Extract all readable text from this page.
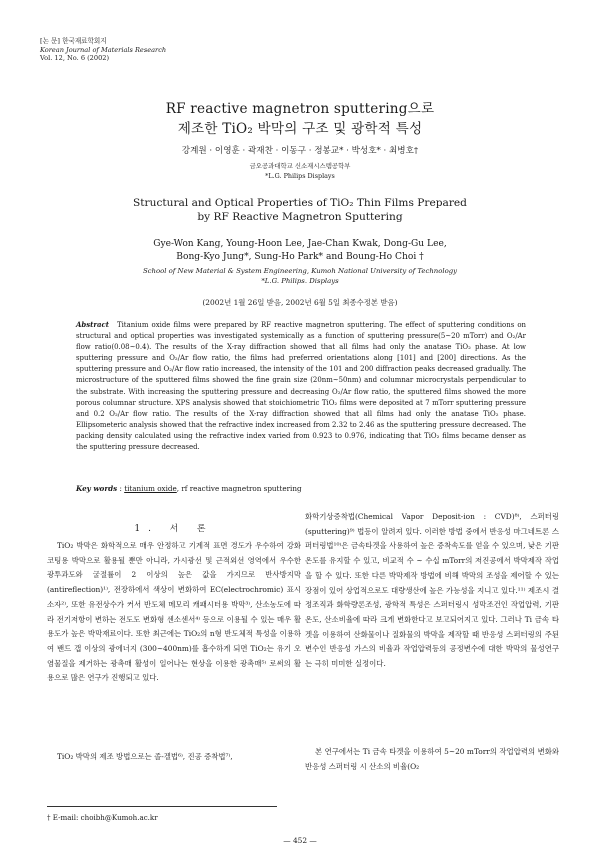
[논 문] 한국재료학회지
Korean Journal of Materials Research
Vol. 12, No. 6 (2002)
RF reactive magnetron sputtering으로
제조한 TiO₂ 박막의 구조 및 광학적 특성
강계원 · 이영훈 · 곽재찬 · 이동구 · 정봉교* · 박성호* · 최병호†
금오공과대학교 신소재시스템공학부
*L.G. Philips Displays
Structural and Optical Properties of TiO₂ Thin Films Prepared
by RF Reactive Magnetron Sputtering
Gye-Won Kang, Young-Hoon Lee, Jae-Chan Kwak, Dong-Gu Lee,
Bong-Kyo Jung*, Sung-Ho Park* and Boung-Ho Choi †
School of New Material & System Engineering, Kumoh National University of Technology
*L.G. Philips. Displays
(2002년 1월 26일 받음, 2002년 6월 5일 최종수정본 받음)
Abstract Titanium oxide films were prepared by RF reactive magnetron sputtering. The effect of sputtering conditions on structural and optical properties was investigated systemically as a function of sputtering pressure(5~20 mTorr) and O₂/Ar flow ratio(0.08~0.4). The results of the X-ray diffraction showed that all films had only the anatase TiO₂ phase. At low sputtering pressure and O₂/Ar flow ratio, the films had preferred orientations along [101] and [200] directions. As the sputtering pressure and O₂/Ar flow ratio increased, the intensity of the 101 and 200 diffraction peaks decreased gradually. The microstructure of the sputtered films showed the fine grain size (20nm~50nm) and columnar microcrystals perpendicular to the substrate. With increasing the sputtering pressure and decreasing O₂/Ar flow ratio, the sputtered films showed the more porous columnar structure. XPS analysis showed that stoichiometric TiO₂ films were deposited at 7 mTorr sputtering pressure and 0.2 O₂/Ar flow ratio. The results of the X-ray diffraction showed that all films had only the anatase TiO₂ phase. Ellipsometeric analysis showed that the refractive index increased from 2.32 to 2.46 as the sputtering pressure decreased. The packing density calculated using the refractive index varied from 0.923 to 0.976, indicating that TiO₂ films became denser as the sputtering pressure decreased.
Key words : titanium oxide, rf reactive magnetron sputtering
1. 서 론
TiO₂ 박막은 화학적으로 매우 안정하고 기계적 표면 경도가 우수하여 강화 코팅용 박막으로 활용될 뿐만 아니라, 가시광선 및 근적외선 영역에서 우수한 광투과도와 굴절률이 2 이상의 높은 값을 가지므로 반사방지막 (antireflection)¹⁾, 전장하에서 색상이 변화하여 EC(electrochromic) 표시소자²⁾, 또한 유전상수가 커서 반도체 메모리 캐패시터용 박막³⁾, 산소농도에 따라 전기저항이 변하는 전도도 변화형 센소센서⁴⁾ 등으로 이용될 수 있는 매우 활용도가 높은 박막재료이다. 또한 최근에는 TiO₂의 n형 반도체적 특성을 이용하여 밴드 갭 이상의 광에너지 (300~400nm)를 흡수하게 되면 TiO₂는 유기 오염물질을 제거하는 광촉매 활성이 일어나는 현상을 이용한 광촉매⁵⁾ 로써의 활용으로 많은 연구가 진행되고 있다.
TiO₂ 박막의 제조 방법으로는 졸-겔법⁶⁾, 진공 증착법⁷⁾,
화학기상증착법(Chemical Vapor Deposit-ion : CVD)⁸⁾, 스퍼터링(sputtering)⁹⁾ 법등이 알려져 있다. 이러한 방법 중에서 반응성 마그네트론 스퍼터링법¹⁰⁾은 금속타겟을 사용하여 높은 증착속도를 얻을 수 있으며, 낮은 기판온도를 유지할 수 있고, 비교적 수 ~ 수십 mTorr의 저진공에서 박막제작 작업을 할 수 있다. 또한 다른 박막제작 방법에 비해 박막의 조성을 제어할 수 있는 장점이 있어 상업적으로도 대량생산에 높은 가능성을 지니고 있다.¹¹⁾ 제조시 결정조직과 화학량론조성, 광학적 특성은 스퍼터링시 성막조건인 작업압력, 기판온도, 산소비율에 따라 크게 변화한다고 보고되어지고 있다. 그러나 Ti 금속 타겟을 이용하여 산화물이나 질화물의 박막을 제작할 때 반응성 스퍼터링의 주된 변수인 반응성 가스의 비율과 작업압력등의 공정변수에 대한 박막의 물성연구는 극히 미미한 실정이다.
본 연구에서는 Ti 금속 타겟을 이용하여 5~20 mTorr의 작업압력의 변화와 반응성 스퍼터링 시 산소의 비율(O₂
† E-mail: choibh@Kumoh.ac.kr
— 452 —
